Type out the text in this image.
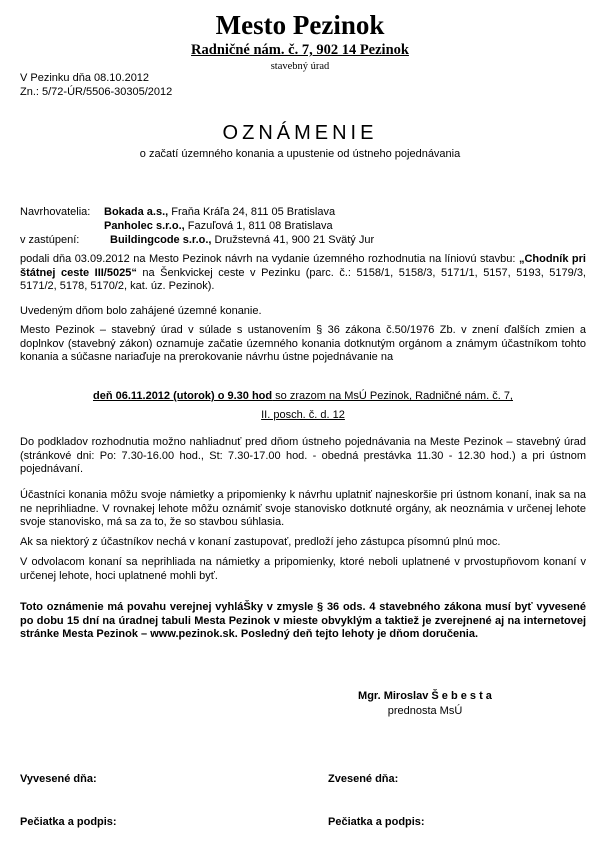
Mesto Pezinok
Radničné nám. č. 7, 902 14 Pezinok
stavebný úrad
V Pezinku dňa 08.10.2012
Zn.: 5/72-ÚR/5506-30305/2012
OZNÁMENIE
o začatí územného konania a upustenie od ústneho pojednávania
Navrhovatelia: Bokada a.s., Fraňa Kráľa 24, 811 05 Bratislava
Panholec s.r.o., Fazuľová 1, 811 08 Bratislava
v zastúpení:	Buildingcode s.r.o., Družstevná 41, 900 21 Svätý Jur
podali dňa 03.09.2012 na Mesto Pezinok návrh na vydanie územného rozhodnutia na líniovú stavbu: „Chodník pri štátnej ceste III/5025“ na Šenkvickej ceste v Pezinku (parc. č.: 5158/1, 5158/3, 5171/1, 5157, 5193, 5179/3, 5171/2, 5178, 5170/2, kat. úz. Pezinok).
Uvedeným dňom bolo zahájené územné konanie.
Mesto Pezinok – stavebný úrad v súlade s ustanovením § 36 zákona č.50/1976 Zb. v znení ďalších zmien a doplnkov (stavebný zákon) oznamuje začatie územného konania dotknutým orgánom a známym účastníkom tohto konania a súčasne nariaďuje na prerokovanie návrhu ústne pojednávanie na
deň 06.11.2012 (utorok) o 9.30 hod so zrazom na MsÚ Pezinok, Radničné nám. č. 7,
II. posch. č. d. 12
Do podkladov rozhodnutia možno nahliadnuť pred dňom ústneho pojednávania na Meste Pezinok – stavebný úrad (stránkové dni: Po: 7.30-16.00 hod., St: 7.30-17.00 hod. - obedná prestávka 11.30 - 12.30 hod.) a pri ústnom pojednávaní.
Účastníci konania môžu svoje námietky a pripomienky k návrhu uplatniť najneskoršie pri ústnom konaní, inak sa na ne neprihliadne. V rovnakej lehote môžu oznámiť svoje stanovisko dotknuté orgány, ak neoznámia v určenej lehote svoje stanovisko, má sa za to, že so stavbou súhlasia.
Ak sa niektorý z účastníkov nechá v konaní zastupovať, predloží jeho zástupca písomnú plnú moc.
V odvolacom konaní sa neprihliada na námietky a pripomienky, ktoré neboli uplatnené v prvostupňovom konaní v určenej lehote, hoci uplatnené mohli byť.
Toto oznámenie má povahu verejnej vyhláŠky v zmysle § 36 ods. 4 stavebného zákona musí byť vyvesené po dobu 15 dní na úradnej tabuli Mesta Pezinok v mieste obvyklým a taktiež je zverejnené aj na internetovej stránke Mesta Pezinok – www.pezinok.sk. Posledný deň tejto lehoty je dňom doručenia.
Mgr. Miroslav Š e b e s t a
prednosta MsÚ
Vyvesené dňa:	Zvesené dňa:
Pečiatka a podpis:	Pečiatka a podpis:
